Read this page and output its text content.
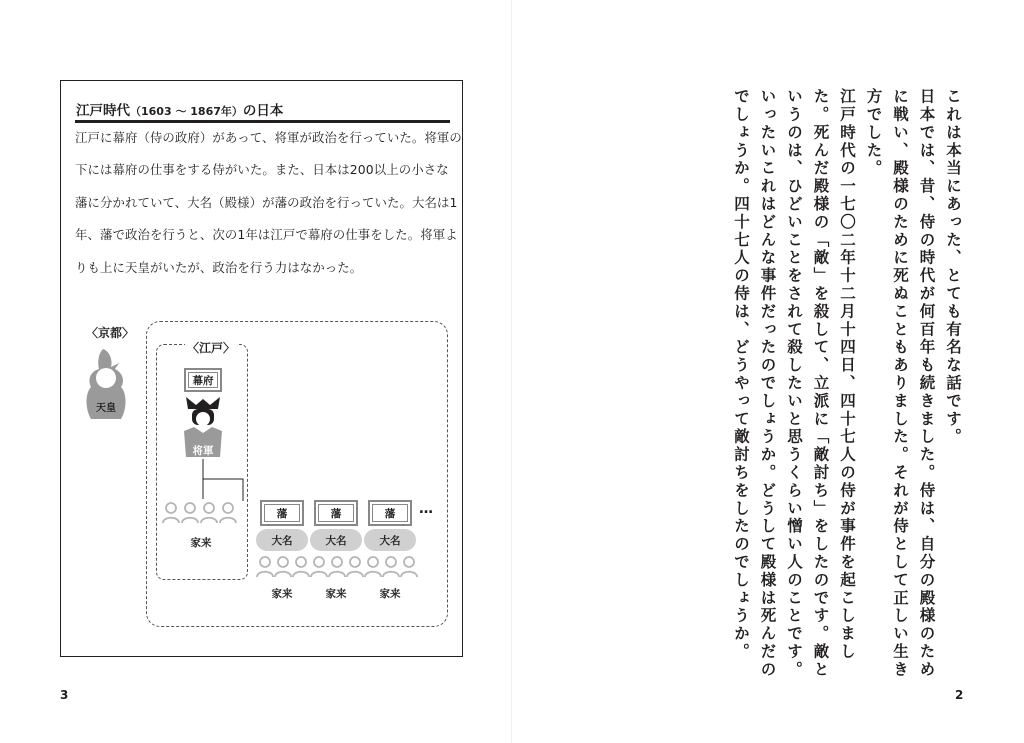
江戸時代（1603 ～ 1867年）の日本
江戸に幕府（侍の政府）があって、将軍が政治を行っていた。将軍の
下には幕府の仕事をする侍がいた。また、日本は200以上の小さな
藩に分かれていて、大名（殿様）が藩の政治を行っていた。大名は1
年、藩で政治を行うと、次の1年は江戸で幕府の仕事をした。将軍よ
りも上に天皇がいたが、政治を行う力はなかった。
〈京都〉
〈江戸〉
天皇
幕府
将軍
家来
藩
大名
家来
藩
大名
家来
藩
大名
家来
…
3

これは本当にあった、とても有名な話です。

日本では、昔、侍の時代が何百年も続きました。侍は、自分の殿様のために戦い、殿様のために死ぬこともありました。それが侍として正しい生き方でした。

江戸時代の一七〇二年十二月十四日、四十七人の侍が事件を起こしました。死んだ殿様の「敵」を殺して、立派に「敵討ち」をしたのです。敵というのは、ひどいことをされて殺したいと思うくらい憎い人のことです。

いったいこれはどんな事件だったのでしょうか。どうして殿様は死んだのでしょうか。四十七人の侍は、どうやって敵討ちをしたのでしょうか。

2
